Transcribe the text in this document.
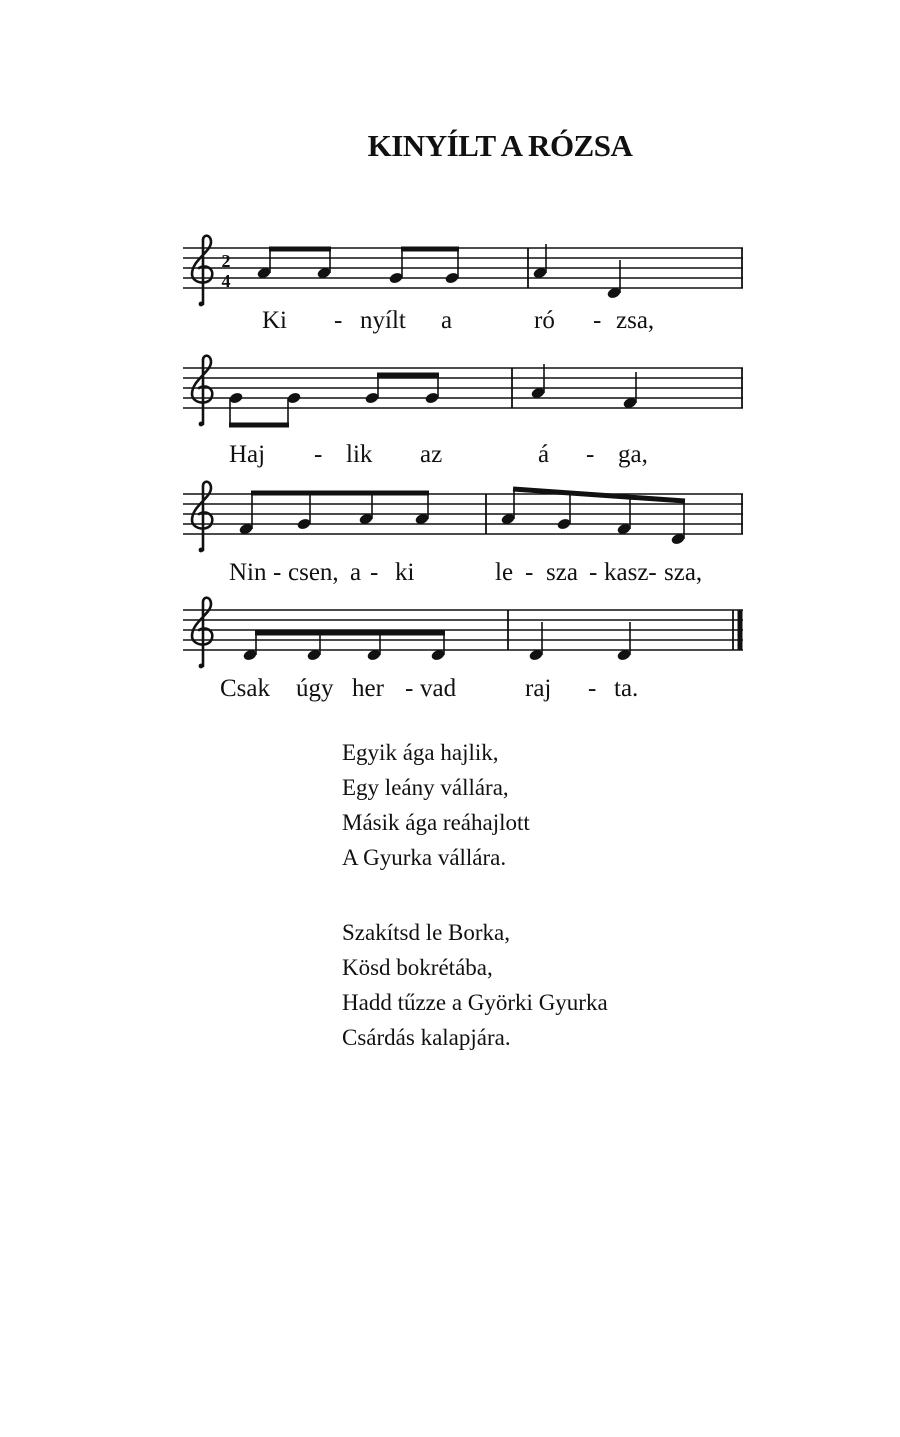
KINYÍLT A RÓZSA
2
4
Ki - nyílt a	ró - zsa,
Haj - lik az	á - ga,
Nin - csen, a - ki	le - sza - kasz- sza,
Csak úgy her - vad	raj - ta.
Egyik ága hajlik,
Egy leány vállára,
Másik ága reáhajlott
A Gyurka vállára.
Szakítsd le Borka,
Kösd bokrétába,
Hadd tűzze a Györki Gyurka
Csárdás kalapjára.
